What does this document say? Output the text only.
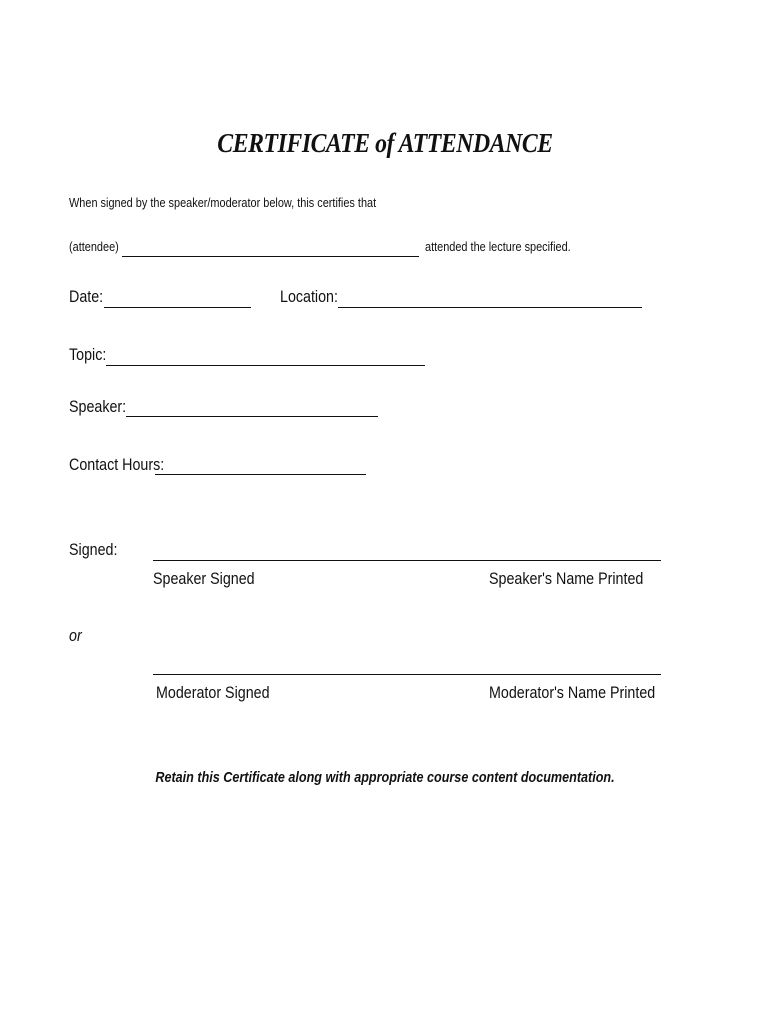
CERTIFICATE of ATTENDANCE
When signed by the speaker/moderator below, this certifies that
(attendee)	attended the lecture specified.
Date:	Location:
Topic:
Speaker:
Contact Hours:
Signed:
Speaker Signed	Speaker's Name Printed
or
Moderator Signed	Moderator's Name Printed
Retain this Certificate along with appropriate course content documentation.
